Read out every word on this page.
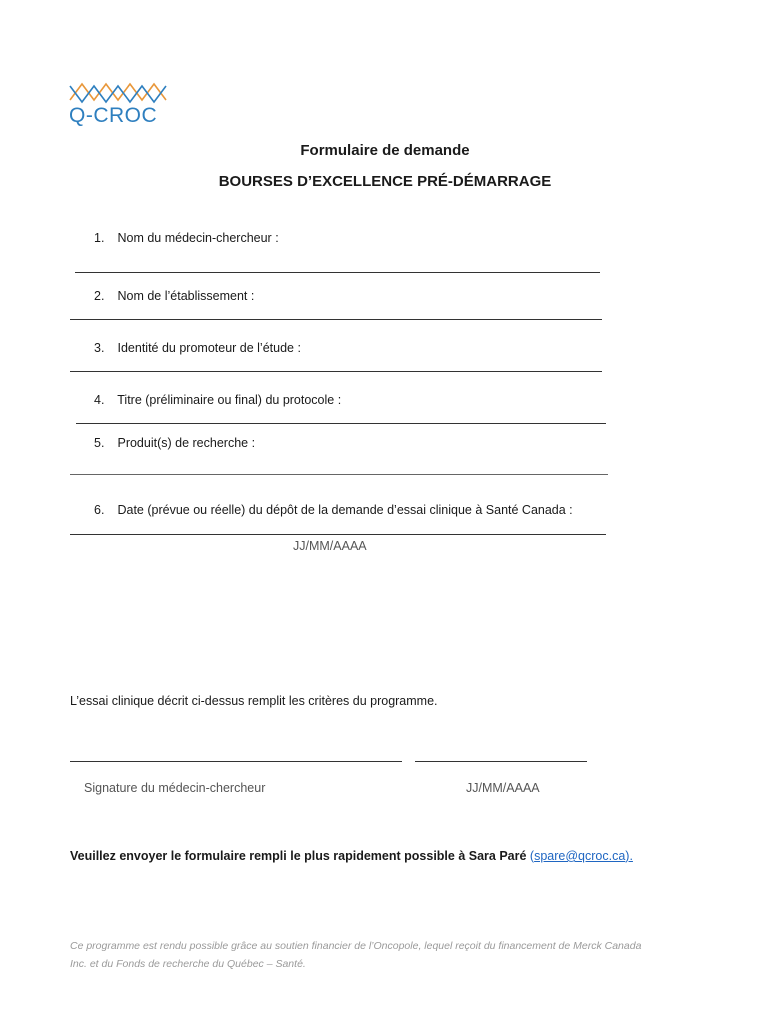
Q-CROC
Formulaire de demande
BOURSES D’EXCELLENCE PRÉ-DÉMARRAGE
1. Nom du médecin-chercheur :
2. Nom de l’établissement :
3. Identité du promoteur de l’étude :
4. Titre (préliminaire ou final) du protocole :
5. Produit(s) de recherche :
6. Date (prévue ou réelle) du dépôt de la demande d’essai clinique à Santé Canada :
JJ/MM/AAAA
L’essai clinique décrit ci-dessus remplit les critères du programme.
Signature du médecin-chercheur	JJ/MM/AAAA
Veuillez envoyer le formulaire rempli le plus rapidement possible à Sara Paré (spare@qcroc.ca).
Ce programme est rendu possible grâce au soutien financier de l’Oncopole, lequel reçoit du financement de Merck Canada
Inc. et du Fonds de recherche du Québec – Santé.
